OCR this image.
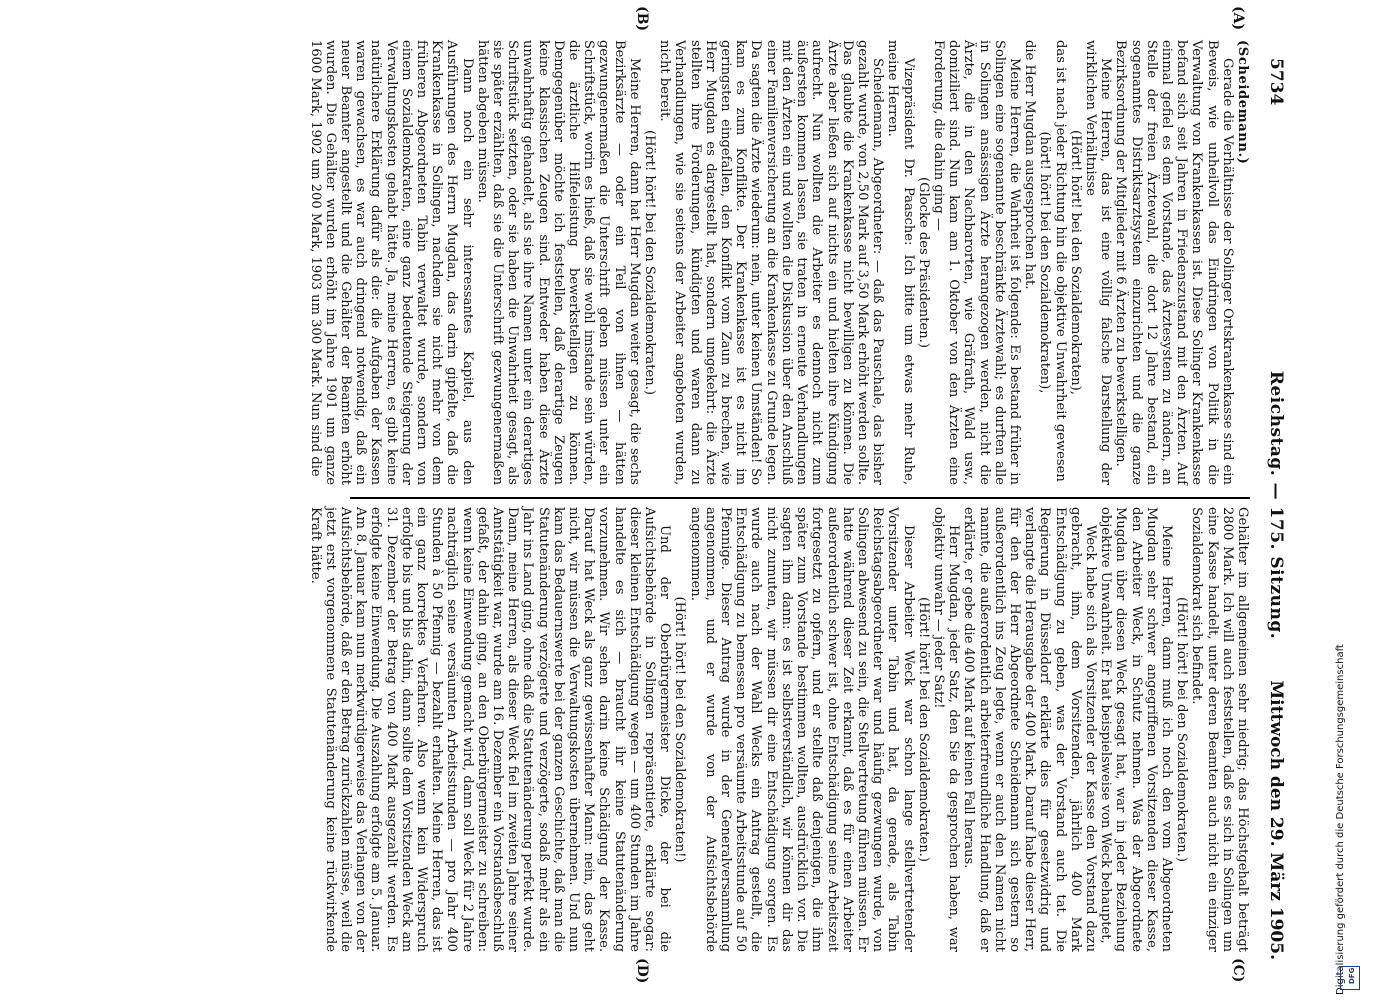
5734
Reichstag. — 175. Sitzung.
Mittwoch den 29. März 1905.
(A)
(B)
(C)
(D)

(Scheidemann.)

Gerade die Verhältnisse der Solinger Ortskrankenkasse sind ein Beweis, wie unheilvoll das Eindringen von Politik in die Verwaltung von Krankenkassen ist. Diese Solinger Krankenkasse befand sich seit Jahren in Friedenszustand mit den Ärzten. Auf einmal gefiel es dem Vorstande, das Ärztesystem zu ändern, an Stelle der freien Ärztewahl, die dort 12 Jahre bestand, ein sogenanntes Distriktsarztsystem einzurichten und die ganze Bezirksordnung der Mitglieder mit 6 Ärzten zu bewerkstelligen.

Meine Herren, das ist eine völlig falsche Darstellung der wirklichen Verhältnisse

(Hört! hört! bei den Sozialdemokraten),

das ist nach jeder Richtung hin die objektive Unwahrheit gewesen

(hört! hört! bei den Sozialdemokraten),

die Herr Mugdan ausgesprochen hat.

Meine Herren, die Wahrheit ist folgende: Es bestand früher in Solingen eine sogenannte beschränkte Ärztewahl; es durften alle in Solingen ansässigen Ärzte herangezogen werden, nicht die Ärzte, die in den Nachbarorten, wie Gräfrath, Wald usw., domiziliert sind. Nun kam am 1. Oktober von den Ärzten eine Forderung, die dahin ging —

(Glocke des Präsidenten.)

Vizepräsident Dr. Paasche: Ich bitte um etwas mehr Ruhe, meine Herren.

Scheidemann, Abgeordneter: — daß das Pauschale, das bisher gezahlt wurde, von 2,50 Mark auf 3,50 Mark erhöht werden sollte. Das glaubte die Krankenkasse nicht bewilligen zu können. Die Ärzte aber ließen sich auf nichts ein und hielten ihre Kündigung aufrecht. Nun wollten die Arbeiter es dennoch nicht zum äußersten kommen lassen, sie traten in erneute Verhandlungen mit den Ärzten ein und wollten die Diskussion über den Anschluß einer Familienversicherung an die Krankenkasse zu Grunde legen. Da sagten die Ärzte wiederum: nein, unter keinen Umständen! So kam es zum Konflikte. Der Krankenkasse ist es nicht im geringsten eingefallen, den Konflikt vom Zaun zu brechen, wie Herr Mugdan es dargestellt hat, sondern umgekehrt: die Ärzte stellten ihre Forderungen, kündigten und waren dann zu Verhandlungen, wie sie seitens der Arbeiter angeboten wurden, nicht bereit.

(Hört! hört! bei den Sozialdemokraten.)

Meine Herren, dann hat Herr Mugdan weiter gesagt, die sechs Bezirksärzte — oder ein Teil von ihnen — hätten gezwungenermaßen die Unterschrift geben müssen unter ein Schriftstück, worin es hieß, daß sie wohl imstande sein würden, die ärztliche Hilfeleistung bewerkstelligen zu können. Demgegenüber möchte ich feststellen, daß derartige Zeugen keine klassischen Zeugen sind. Entweder haben diese Ärzte unwahrhaftig gehandelt, als sie ihre Namen unter ein derartiges Schriftstück setzten, oder sie haben die Unwahrheit gesagt, als sie später erzählten, daß sie die Unterschrift gezwungenermaßen hätten abgeben müssen.

Dann noch ein sehr interessantes Kapitel, aus den Ausführungen des Herrn Mugdan, das darin gipfelte, daß die Krankenkasse in Solingen, nachdem sie nicht mehr von dem früheren Abgeordneten Tabin verwaltet wurde, sondern von einem Sozialdemokraten, eine ganz bedeutende Steigerung der Verwaltungskosten gehabt hätte. Ja, meine Herren, es gibt keine natürlichere Erklärung dafür als die: die Aufgaben der Kassen waren gewachsen, es war auch dringend notwendig, daß ein neuer Beamter angestellt und die Gehälter der Beamten erhöht wurden. Die Gehälter wurden erhöht im Jahre 1901 um ganze 1600 Mark, 1902 um 200 Mark, 1903 um 300 Mark. Nun sind die

Gehälter im allgemeinen sehr niedrig; das Höchstgehalt beträgt 2800 Mark. Ich will auch feststellen, daß es sich in Solingen um eine Kasse handelt, unter deren Beamten auch nicht ein einziger Sozialdemokrat sich befindet.

(Hört! hört! bei den Sozialdemokraten.)

Meine Herren, dann muß ich noch den vom Abgeordneten Mugdan sehr schwer angegriffenen Vorsitzenden dieser Kasse, den Arbeiter Weck, in Schutz nehmen. Was der Abgeordnete Mugdan über diesen Weck gesagt hat, war in jeder Beziehung objektive Unwahrheit. Er hat beispielsweise von Weck behauptet,

Weck habe sich als Vorsitzender der Kasse den Vorstand dazu gebracht, ihm, dem Vorsitzenden, jährlich 400 Mark Entschädigung zu geben, was der Vorstand auch tat. Die Regierung in Düsseldorf erklärte dies für gesetzwidrig und verlangte die Herausgabe der 400 Mark. Darauf habe dieser Herr, für den der Herr Abgeordnete Scheidemann sich gestern so außerordentlich ins Zeug legte, wenn er auch den Namen nicht nannte, die außerordentlich arbeiterfreundliche Handlung, daß er erklärte, er gebe die 400 Mark auf keinen Fall heraus.

Herr Mugdan, jeder Satz, den Sie da gesprochen haben, war objektiv unwahr — jeder Satz!

(Hört! hört! bei den Sozialdemokraten.)

Dieser Arbeiter Weck war schon lange stellvertretender Vorsitzender unter Tabin und hat, da gerade, als Tabin Reichstagsabgeordneter war und häufig gezwungen wurde, von Solingen abwesend zu sein, die Stellvertretung führen müssen. Er hatte während dieser Zeit erkannt, daß es für einen Arbeiter außerordentlich schwer ist, ohne Entschädigung seine Arbeitszeit fortgesetzt zu opfern, und er stellte daß denjenigen, die ihm später zum Vorstande bestimmen wollten, ausdrücklich vor. Die sagten ihm dann: es ist selbstverständlich, wir können dir das nicht zumuten, wir müssen dir eine Entschädigung sorgen. Es wurde auch nach der Wahl Wecks ein Antrag gestellt, die Entschädigung zu bemessen pro versäumte Arbeitsstunde auf 50 Pfennige. Dieser Antrag wurde in der Generalversammlung angenommen, und er wurde von der Aufsichtsbehörde angenommen.

(Hört! hört! bei den Sozialdemokraten!)

Und der Oberbürgermeister Dicke, der bei die Aufsichtsbehörde in Solingen repräsentierte, erklärte sogar: dieser kleinen Entschädigung wegen — um 400 Stunden im Jahre handelte es sich — braucht ihr keine Statutenänderung vorzunehmen. Wir sehen darin keine Schädigung der Kasse. Darauf hat Weck als ganz gewissenhafter Mann: nein, das geht nicht, wir müssen die Verwaltungskosten übernehmen. Und nun kam das Bedauernswerte bei der ganzen Geschichte, daß man die Statutenänderung verzögerte und verzögerte, sodaß mehr als ein Jahr ins Land ging, ohne daß die Statutenänderung perfekt wurde. Dann, meine Herren, als dieser Weck fiel im zweiten Jahre seiner Amtstätigkeit war, wurde am 16. Dezember ein Vorstandsbeschluß gefaßt, der dahin ging, an den Oberbürgermeister zu schreiben: wenn keine Einwendung gemacht wird, dann soll Weck für 2 Jahre nachträglich seine versäumten Arbeitsstunden — pro Jahr 400 Stunden à 50 Pfennig — bezahlt erhalten. Meine Herren, das ist ein ganz korrektes Verfahren. Also wenn kein Widerspruch erfolgte bis und bis dahin, dann sollte dem Vorsitzenden Weck am 31. Dezember der Betrag von 400 Mark ausgezahlt werden. Es erfolgte keine Einwendung. Die Auszahlung erfolgte am 5. Januar. Am 8. Januar kam nun merkwürdigerweise das Verlangen von der Aufsichtsbehörde, daß er den Betrag zurückzahlen müsse, weil die jetzt erst vorgenommene Statutenänderung keine rückwirkende Kraft hätte.

Digitalisierung gefördert durch die Deutsche Forschungsgemeinschaft DFG
